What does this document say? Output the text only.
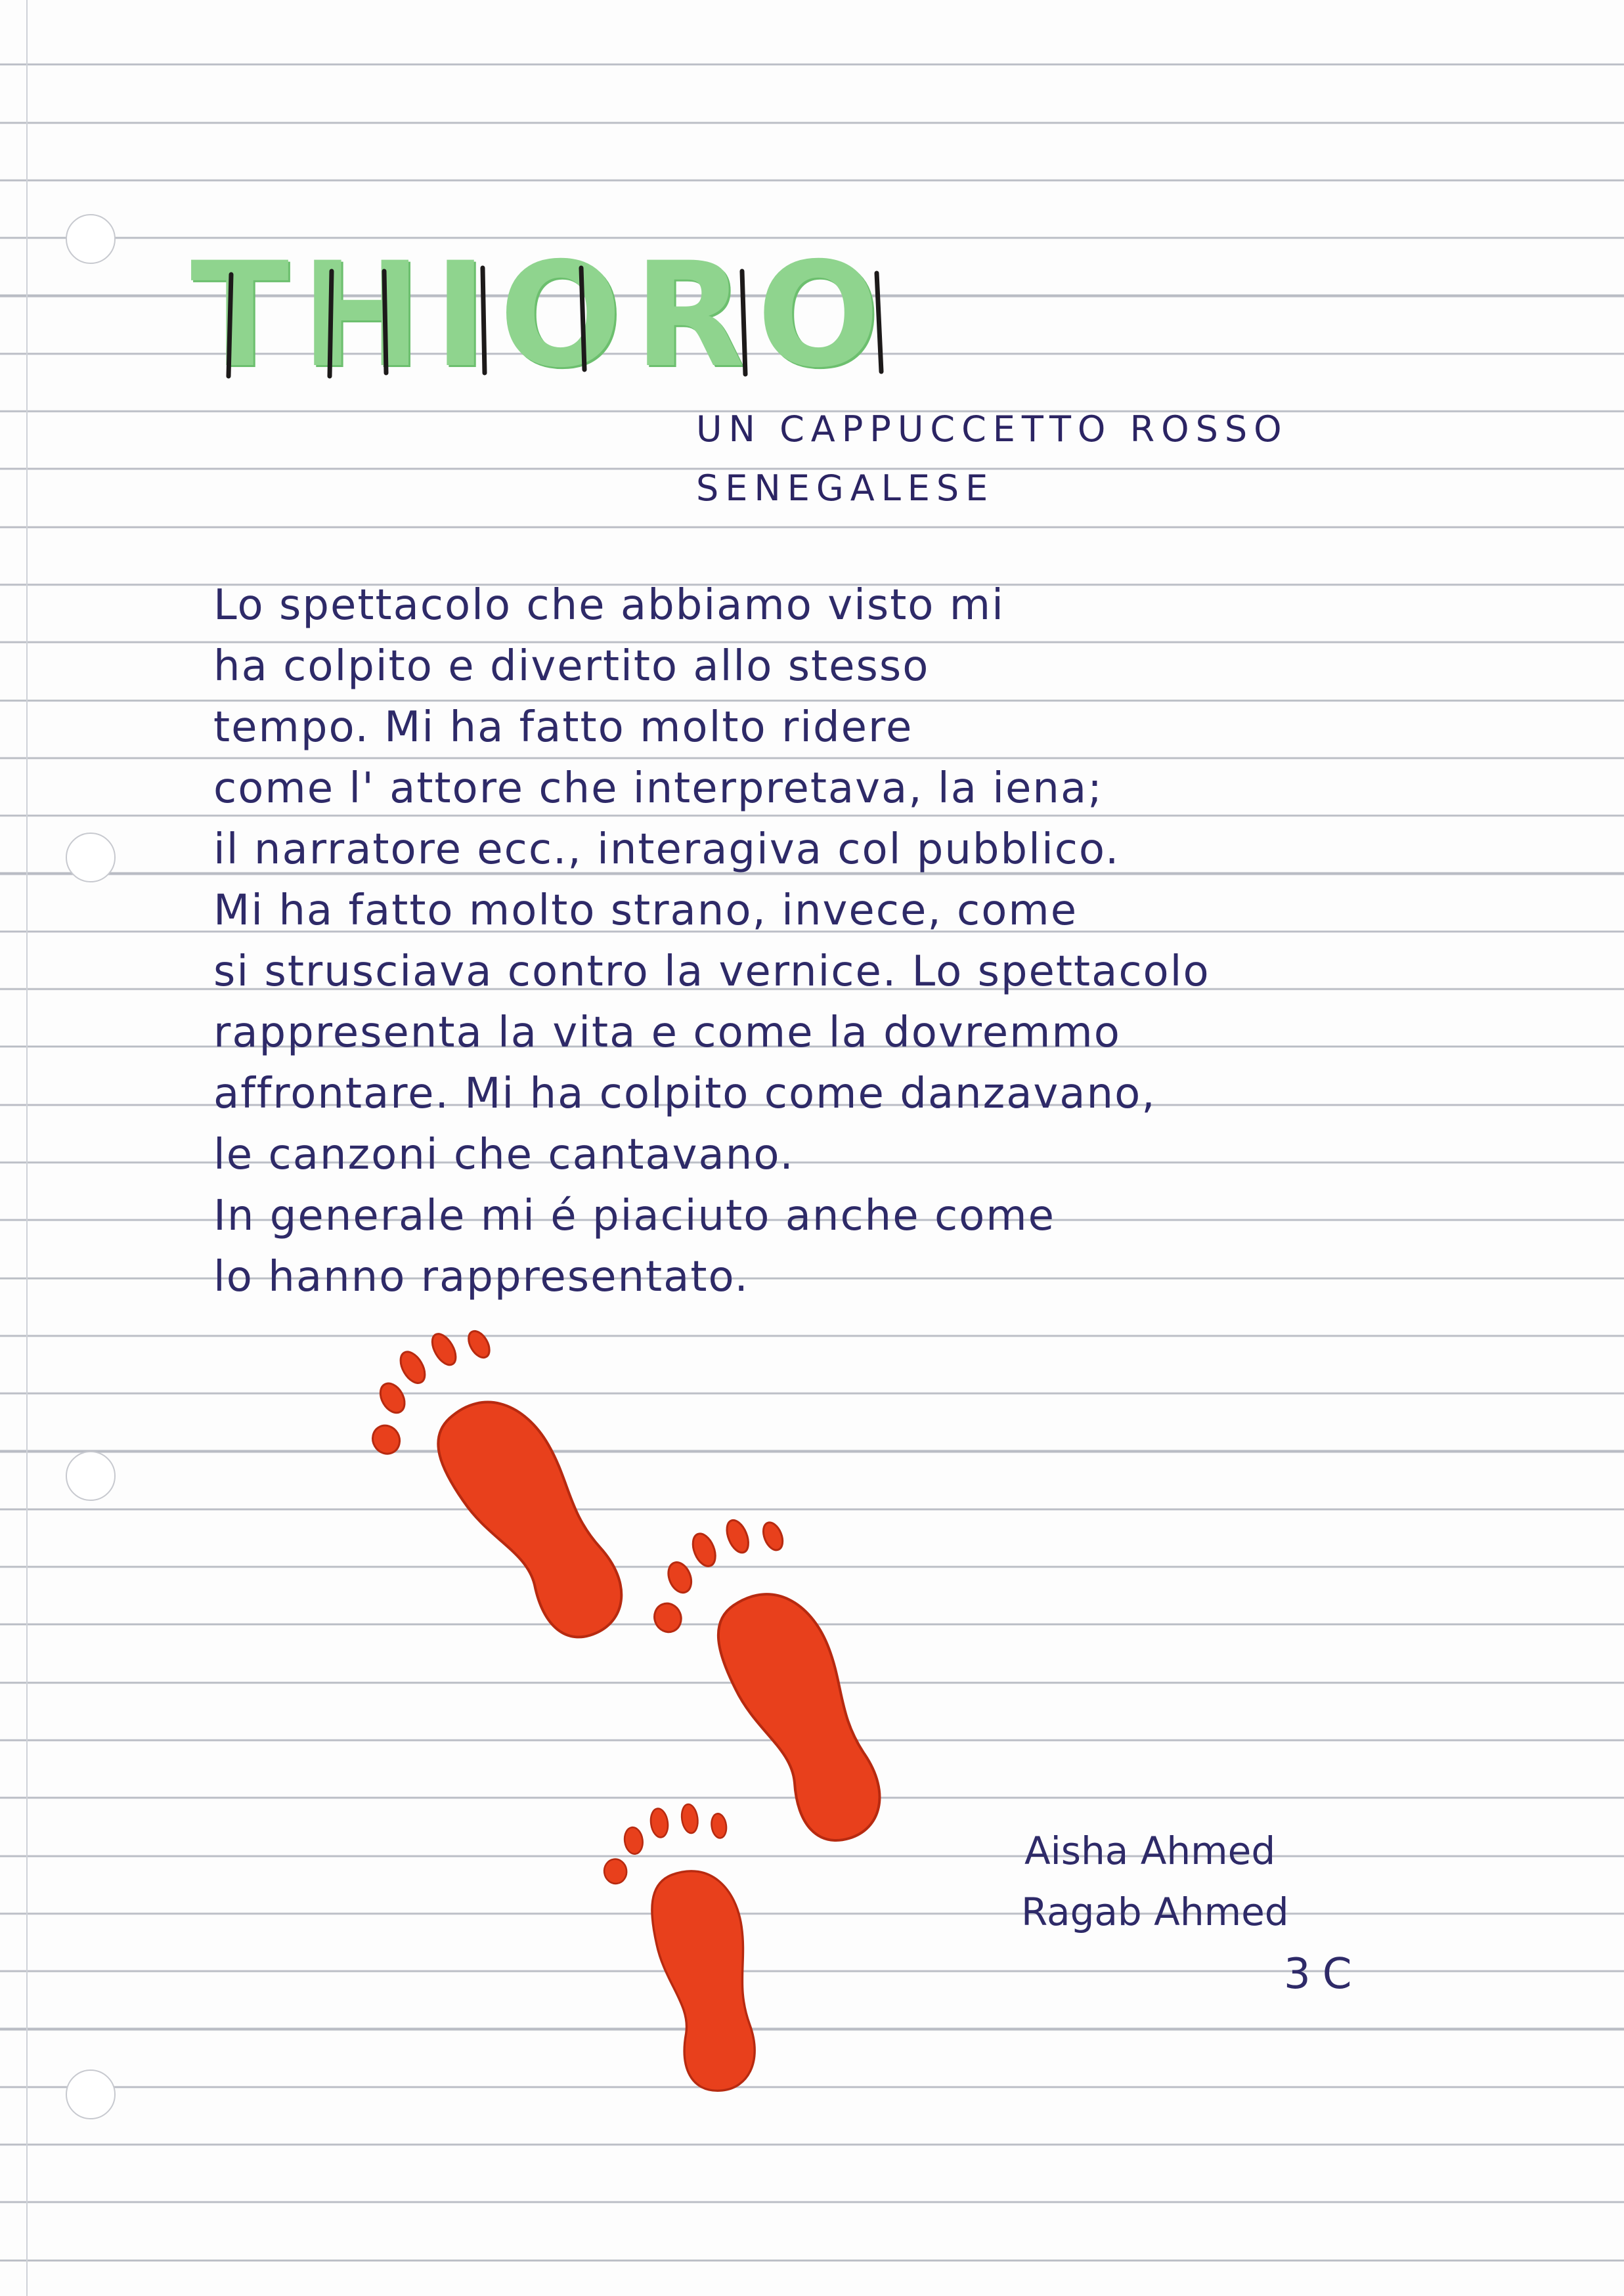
THIORO
UN CAPPUCCETTO ROSSO
SENEGALESE
Lo spettacolo che abbiamo visto mi
ha colpito e divertito allo stesso
tempo. Mi ha fatto molto ridere
come l' attore che interpretava, la iena;
il narratore ecc., interagiva col pubblico.
Mi ha fatto molto strano, invece, come
si strusciava contro la vernice. Lo spettacolo
rappresenta la vita e come la dovremmo
affrontare. Mi ha colpito come danzavano,
le canzoni che cantavano.
In generale mi é piaciuto anche come
lo hanno rappresentato.
Aisha Ahmed
Ragab Ahmed
3C
